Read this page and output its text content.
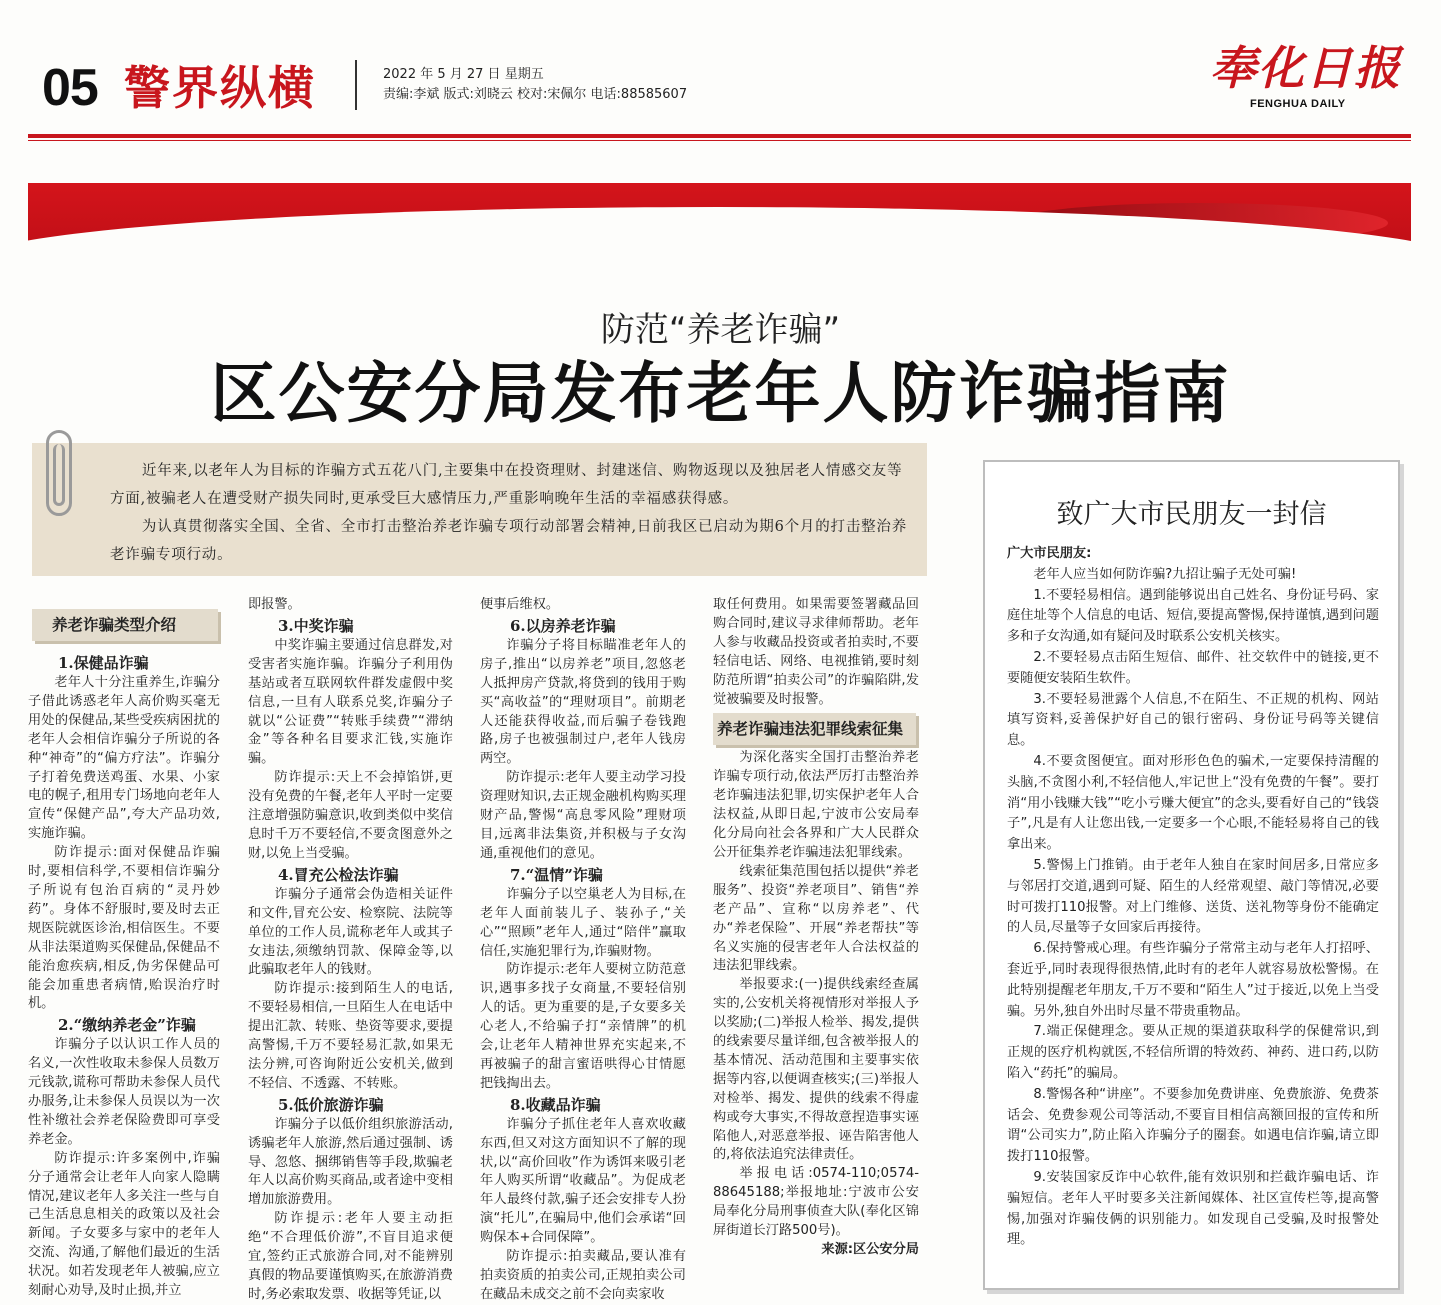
05 警界纵横	2022 年 5 月 27 日 星期五
责编:李斌 版式:刘晓云 校对:宋佩尔 电话:88585607	奉化日报
FENGHUA DAILY
防范“养老诈骗”
区公安分局发布老年人防诈骗指南

近年来,以老年人为目标的诈骗方式五花八门,主要集中在投资理财、封建迷信、购物返现以及独居老人情感交友等方面,被骗老人在遭受财产损失同时,更承受巨大感情压力,严重影响晚年生活的幸福感获得感。

为认真贯彻落实全国、全省、全市打击整治养老诈骗专项行动部署会精神,日前我区已启动为期6个月的打击整治养老诈骗专项行动。

养老诈骗类型介绍
1.保健品诈骗

老年人十分注重养生,诈骗分子借此诱惑老年人高价购买毫无用处的保健品,某些受疾病困扰的老年人会相信诈骗分子所说的各种“神奇”的“偏方疗法”。诈骗分子打着免费送鸡蛋、水果、小家电的幌子,租用专门场地向老年人宣传“保健产品”,夸大产品功效,实施诈骗。

防诈提示:面对保健品诈骗时,要相信科学,不要相信诈骗分子所说有包治百病的“灵丹妙药”。身体不舒服时,要及时去正规医院就医诊治,相信医生。不要从非法渠道购买保健品,保健品不能治愈疾病,相反,伪劣保健品可能会加重患者病情,贻误治疗时机。

2.“缴纳养老金”诈骗

诈骗分子以认识工作人员的名义,一次性收取未参保人员数万元钱款,谎称可帮助未参保人员代办服务,让未参保人员误以为一次性补缴社会养老保险费即可享受养老金。

防诈提示:许多案例中,诈骗分子通常会让老年人向家人隐瞒情况,建议老年人多关注一些与自己生活息息相关的政策以及社会新闻。子女要多与家中的老年人交流、沟通,了解他们最近的生活状况。如若发现老年人被骗,应立刻耐心劝导,及时止损,并立

即报警。

3.中奖诈骗

中奖诈骗主要通过信息群发,对受害者实施诈骗。诈骗分子利用伪基站或者互联网软件群发虚假中奖信息,一旦有人联系兑奖,诈骗分子就以“公证费”“转账手续费”“滞纳金”等各种名目要求汇钱,实施诈骗。

防诈提示:天上不会掉馅饼,更没有免费的午餐,老年人平时一定要注意增强防骗意识,收到类似中奖信息时千万不要轻信,不要贪图意外之财,以免上当受骗。

4.冒充公检法诈骗

诈骗分子通常会伪造相关证件和文件,冒充公安、检察院、法院等单位的工作人员,谎称老年人或其子女违法,须缴纳罚款、保障金等,以此骗取老年人的钱财。

防诈提示:接到陌生人的电话,不要轻易相信,一旦陌生人在电话中提出汇款、转账、垫资等要求,要提高警惕,千万不要轻易汇款,如果无法分辨,可咨询附近公安机关,做到不轻信、不透露、不转账。

5.低价旅游诈骗

诈骗分子以低价组织旅游活动,诱骗老年人旅游,然后通过强制、诱导、忽悠、捆绑销售等手段,欺骗老年人以高价购买商品,或者途中变相增加旅游费用。

防诈提示:老年人要主动拒绝“不合理低价游”,不盲目追求便宜,签约正式旅游合同,对不能辨别真假的物品要谨慎购买,在旅游消费时,务必索取发票、收据等凭证,以

便事后维权。

6.以房养老诈骗

诈骗分子将目标瞄准老年人的房子,推出“以房养老”项目,忽悠老人抵押房产贷款,将贷到的钱用于购买“高收益”的“理财项目”。前期老人还能获得收益,而后骗子卷钱跑路,房子也被强制过户,老年人钱房两空。

防诈提示:老年人要主动学习投资理财知识,去正规金融机构购买理财产品,警惕“高息零风险”理财项目,远离非法集资,并积极与子女沟通,重视他们的意见。

7.“温情”诈骗

诈骗分子以空巢老人为目标,在老年人面前装儿子、装孙子,“关心”“照顾”老年人,通过“陪伴”赢取信任,实施犯罪行为,诈骗财物。

防诈提示:老年人要树立防范意识,遇事多找子女商量,不要轻信别人的话。更为重要的是,子女要多关心老人,不给骗子打“亲情牌”的机会,让老年人精神世界充实起来,不再被骗子的甜言蜜语哄得心甘情愿把钱掏出去。

8.收藏品诈骗

诈骗分子抓住老年人喜欢收藏东西,但又对这方面知识不了解的现状,以“高价回收”作为诱饵来吸引老年人购买所谓“收藏品”。为促成老年人最终付款,骗子还会安排专人扮演“托儿”,在骗局中,他们会承诺“回购保本+合同保障”。

防诈提示:拍卖藏品,要认准有拍卖资质的拍卖公司,正规拍卖公司在藏品未成交之前不会向卖家收

取任何费用。如果需要签署藏品回购合同时,建议寻求律师帮助。老年人参与收藏品投资或者拍卖时,不要轻信电话、网络、电视推销,要时刻防范所谓“拍卖公司”的诈骗陷阱,发觉被骗要及时报警。

养老诈骗违法犯罪线索征集

为深化落实全国打击整治养老诈骗专项行动,依法严厉打击整治养老诈骗违法犯罪,切实保护老年人合法权益,从即日起,宁波市公安局奉化分局向社会各界和广大人民群众公开征集养老诈骗违法犯罪线索。

线索征集范围包括以提供“养老服务”、投资“养老项目”、销售“养老产品”、宣称“以房养老”、代办“养老保险”、开展“养老帮扶”等名义实施的侵害老年人合法权益的违法犯罪线索。

举报要求:(一)提供线索经查属实的,公安机关将视情形对举报人予以奖励;(二)举报人检举、揭发,提供的线索要尽量详细,包含被举报人的基本情况、活动范围和主要事实依据等内容,以便调查核实;(三)举报人对检举、揭发、提供的线索不得虚构或夸大事实,不得故意捏造事实诬陷他人,对恶意举报、诬告陷害他人的,将依法追究法律责任。

举报电话:0574-110;0574-88645188;举报地址:宁波市公安局奉化分局刑事侦查大队(奉化区锦屏街道长汀路500号)。

来源:区公安分局

致广大市民朋友一封信

广大市民朋友:

老年人应当如何防诈骗?九招让骗子无处可骗!

1.不要轻易相信。遇到能够说出自己姓名、身份证号码、家庭住址等个人信息的电话、短信,要提高警惕,保持谨慎,遇到问题多和子女沟通,如有疑问及时联系公安机关核实。

2.不要轻易点击陌生短信、邮件、社交软件中的链接,更不要随便安装陌生软件。

3.不要轻易泄露个人信息,不在陌生、不正规的机构、网站填写资料,妥善保护好自己的银行密码、身份证号码等关键信息。

4.不要贪图便宜。面对形形色色的骗术,一定要保持清醒的头脑,不贪图小利,不轻信他人,牢记世上“没有免费的午餐”。要打消“用小钱赚大钱”“吃小亏赚大便宜”的念头,要看好自己的“钱袋子”,凡是有人让您出钱,一定要多一个心眼,不能轻易将自己的钱拿出来。

5.警惕上门推销。由于老年人独自在家时间居多,日常应多与邻居打交道,遇到可疑、陌生的人经常观望、敲门等情况,必要时可拨打110报警。对上门维修、送货、送礼物等身份不能确定的人员,尽量等子女回家后再接待。

6.保持警戒心理。有些诈骗分子常常主动与老年人打招呼、套近乎,同时表现得很热情,此时有的老年人就容易放松警惕。在此特别提醒老年朋友,千万不要和“陌生人”过于接近,以免上当受骗。另外,独自外出时尽量不带贵重物品。

7.端正保健理念。要从正规的渠道获取科学的保健常识,到正规的医疗机构就医,不轻信所谓的特效药、神药、进口药,以防陷入“药托”的骗局。

8.警惕各种“讲座”。不要参加免费讲座、免费旅游、免费茶话会、免费参观公司等活动,不要盲目相信高额回报的宣传和所谓“公司实力”,防止陷入诈骗分子的圈套。如遇电信诈骗,请立即拨打110报警。

9.安装国家反诈中心软件,能有效识别和拦截诈骗电话、诈骗短信。老年人平时要多关注新闻媒体、社区宣传栏等,提高警惕,加强对诈骗伎俩的识别能力。如发现自己受骗,及时报警处理。
